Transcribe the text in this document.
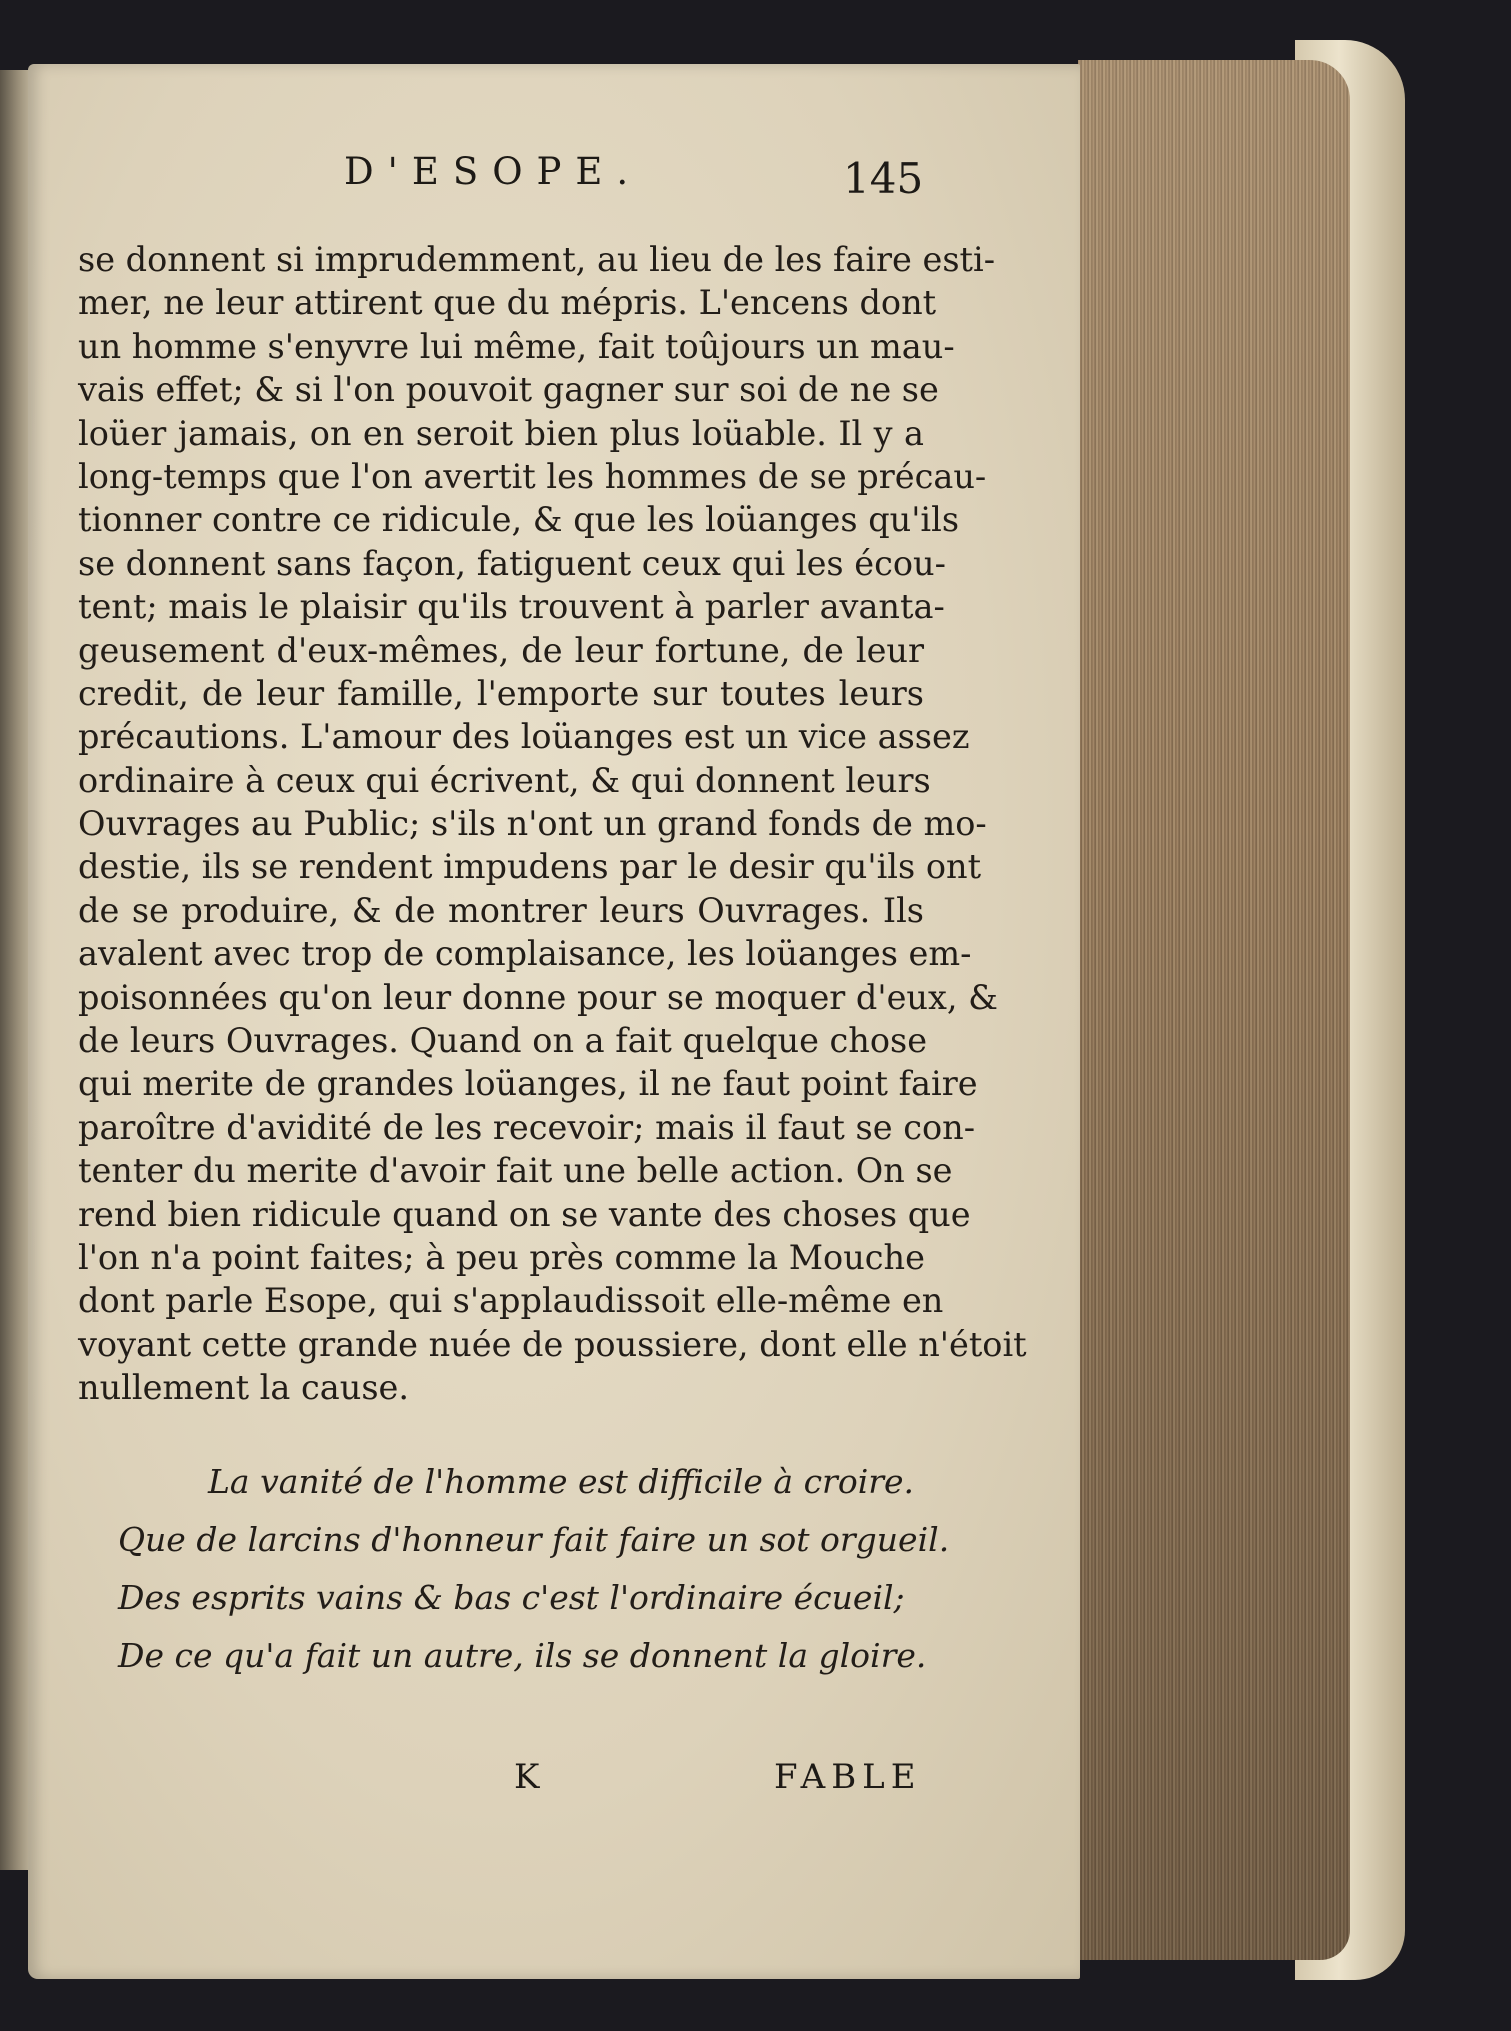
D'ESOPE.	145
se donnent si imprudemment, au lieu de les faire esti-
mer, ne leur attirent que du mépris. L'encens dont
un homme s'enyvre lui même, fait toûjours un mau-
vais effet; & si l'on pouvoit gagner sur soi de ne se
loüer jamais, on en seroit bien plus loüable. Il y a
long-temps que l'on avertit les hommes de se précau-
tionner contre ce ridicule, & que les loüanges qu'ils
se donnent sans façon, fatiguent ceux qui les écou-
tent; mais le plaisir qu'ils trouvent à parler avanta-
geusement d'eux-mêmes, de leur fortune, de leur
credit, de leur famille, l'emporte sur toutes leurs
précautions. L'amour des loüanges est un vice assez
ordinaire à ceux qui écrivent, & qui donnent leurs
Ouvrages au Public; s'ils n'ont un grand fonds de mo-
destie, ils se rendent impudens par le desir qu'ils ont
de se produire, & de montrer leurs Ouvrages. Ils
avalent avec trop de complaisance, les loüanges em-
poisonnées qu'on leur donne pour se moquer d'eux, &
de leurs Ouvrages. Quand on a fait quelque chose
qui merite de grandes loüanges, il ne faut point faire
paroître d'avidité de les recevoir; mais il faut se con-
tenter du merite d'avoir fait une belle action. On se
rend bien ridicule quand on se vante des choses que
l'on n'a point faites; à peu près comme la Mouche
dont parle Esope, qui s'applaudissoit elle-même en
voyant cette grande nuée de poussiere, dont elle n'étoit
nullement la cause.
La vanité de l'homme est difficile à croire.
Que de larcins d'honneur fait faire un sot orgueil.
Des esprits vains & bas c'est l'ordinaire écueil;
De ce qu'a fait un autre, ils se donnent la gloire.
K	FABLE
